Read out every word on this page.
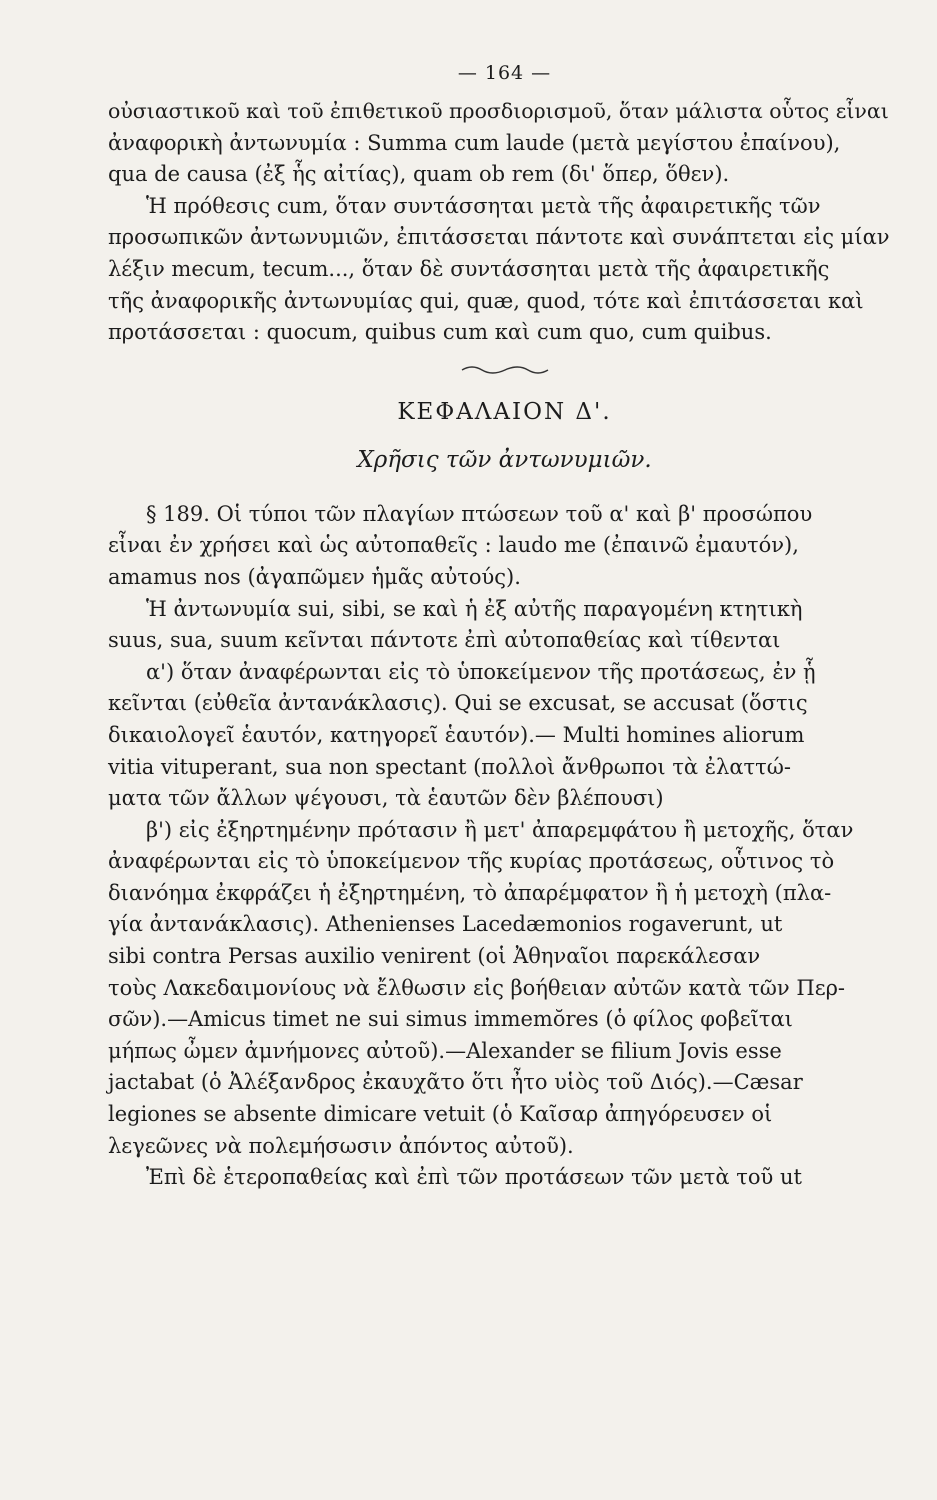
— 164 —

οὐσιαστικοῦ καὶ τοῦ ἐπιθετικοῦ προσδιορισμοῦ, ὅταν μάλιστα οὗτος εἶναι
ἀναφορικὴ ἀντωνυμία : Summa cum laude (μετὰ μεγίστου ἐπαίνου),
qua de causa (ἐξ ἧς αἰτίας), quam ob rem (δι' ὅπερ, ὅθεν).

Ἡ πρόθεσις cum, ὅταν συντάσσηται μετὰ τῆς ἀφαιρετικῆς τῶν
προσωπικῶν ἀντωνυμιῶν, ἐπιτάσσεται πάντοτε καὶ συνάπτεται εἰς μίαν
λέξιν mecum, tecum..., ὅταν δὲ συντάσσηται μετὰ τῆς ἀφαιρετικῆς
τῆς ἀναφορικῆς ἀντωνυμίας qui, quæ, quod, τότε καὶ ἐπιτάσσεται καὶ
προτάσσεται : quocum, quibus cum καὶ cum quo, cum quibus.

ΚΕΦΑΛΑΙΟΝ Δ'.
Χρῆσις τῶν ἀντωνυμιῶν.

§ 189. Οἱ τύποι τῶν πλαγίων πτώσεων τοῦ α' καὶ β' προσώπου
εἶναι ἐν χρήσει καὶ ὡς αὐτοπαθεῖς : laudo me (ἐπαινῶ ἐμαυτόν),
amamus nos (ἀγαπῶμεν ἡμᾶς αὐτούς).

Ἡ ἀντωνυμία sui, sibi, se καὶ ἡ ἐξ αὐτῆς παραγομένη κτητικὴ
suus, sua, suum κεῖνται πάντοτε ἐπὶ αὐτοπαθείας καὶ τίθενται

α') ὅταν ἀναφέρωνται εἰς τὸ ὑποκείμενον τῆς προτάσεως, ἐν ᾗ
κεῖνται (εὐθεῖα ἀντανάκλασις). Qui se excusat, se accusat (ὅστις
δικαιολογεῖ ἑαυτόν, κατηγορεῖ ἑαυτόν).— Multi homines aliorum
vitia vituperant, sua non spectant (πολλοὶ ἄνθρωποι τὰ ἐλαττώ-
ματα τῶν ἄλλων ψέγουσι, τὰ ἑαυτῶν δὲν βλέπουσι)

β') εἰς ἐξηρτημένην πρότασιν ἢ μετ' ἀπαρεμφάτου ἢ μετοχῆς, ὅταν
ἀναφέρωνται εἰς τὸ ὑποκείμενον τῆς κυρίας προτάσεως, οὗτινος τὸ
διανόημα ἐκφράζει ἡ ἐξηρτημένη, τὸ ἀπαρέμφατον ἢ ἡ μετοχὴ (πλα-
γία ἀντανάκλασις). Athenienses Lacedæmonios rogaverunt, ut
sibi contra Persas auxilio venirent (οἱ Ἀθηναῖοι παρεκάλεσαν
τοὺς Λακεδαιμονίους νὰ ἔλθωσιν εἰς βοήθειαν αὐτῶν κατὰ τῶν Περ-
σῶν).—Amicus timet ne sui simus immemŏres (ὁ φίλος φοβεῖται
μήπως ὦμεν ἀμνήμονες αὐτοῦ).—Alexander se filium Jovis esse
jactabat (ὁ Ἀλέξανδρος ἐκαυχᾶτο ὅτι ἦτο υἱὸς τοῦ Διός).—Cæsar
legiones se absente dimicare vetuit (ὁ Καῖσαρ ἀπηγόρευσεν οἱ
λεγεῶνες νὰ πολεμήσωσιν ἀπόντος αὐτοῦ).

Ἐπὶ δὲ ἑτεροπαθείας καὶ ἐπὶ τῶν προτάσεων τῶν μετὰ τοῦ ut
